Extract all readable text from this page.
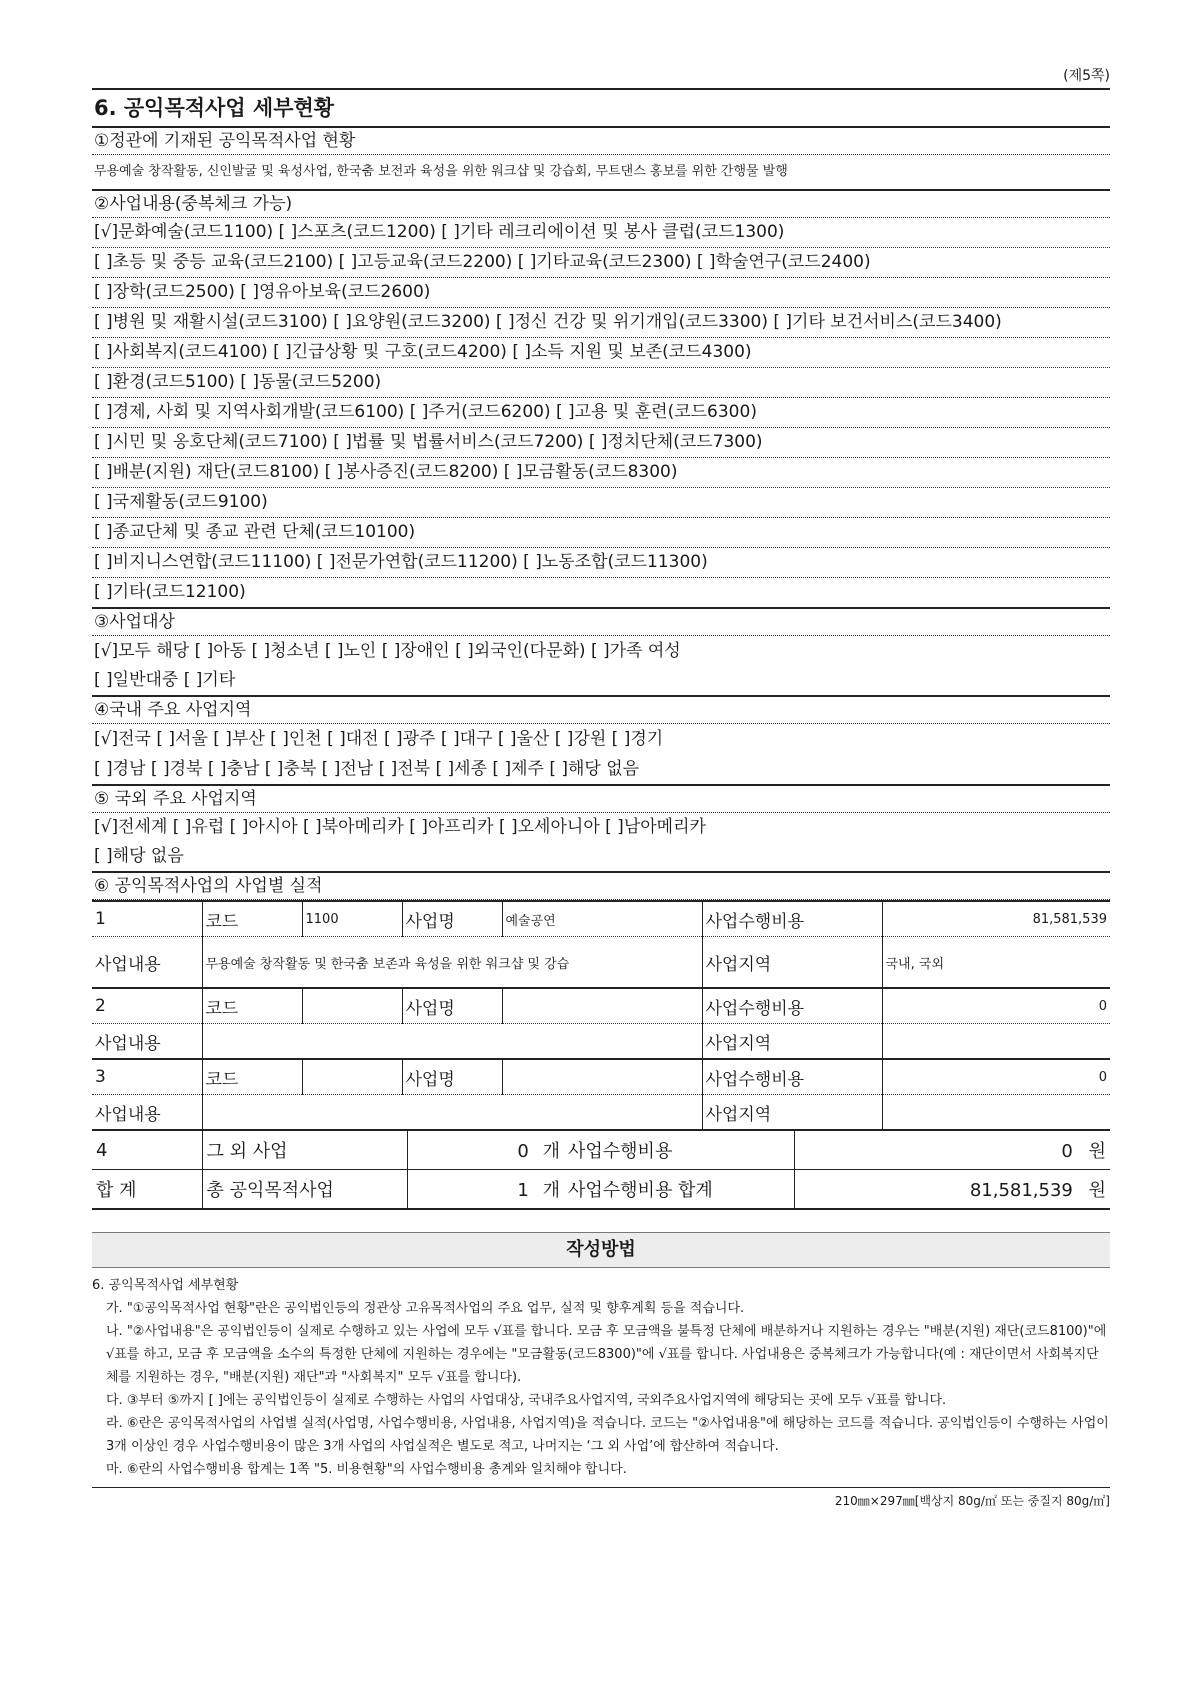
(제5쪽)
6. 공익목적사업 세부현황
①정관에 기재된 공익목적사업 현황
무용예술 창작활동, 신인발굴 및 육성사업, 한국춤 보전과 육성을 위한 워크샵 및 강습회, 무트댄스 홍보를 위한 간행물 발행
②사업내용(중복체크 가능)
[√]문화예술(코드1100) [ ]스포츠(코드1200) [ ]기타 레크리에이션 및 봉사 클럽(코드1300)
[ ]초등 및 중등 교육(코드2100) [ ]고등교육(코드2200) [ ]기타교육(코드2300) [ ]학술연구(코드2400)
[ ]장학(코드2500) [ ]영유아보육(코드2600)
[ ]병원 및 재활시설(코드3100) [ ]요양원(코드3200) [ ]정신 건강 및 위기개입(코드3300) [ ]기타 보건서비스(코드3400)
[ ]사회복지(코드4100) [ ]긴급상황 및 구호(코드4200) [ ]소득 지원 및 보존(코드4300)
[ ]환경(코드5100) [ ]동물(코드5200)
[ ]경제, 사회 및 지역사회개발(코드6100) [ ]주거(코드6200) [ ]고용 및 훈련(코드6300)
[ ]시민 및 옹호단체(코드7100) [ ]법률 및 법률서비스(코드7200) [ ]정치단체(코드7300)
[ ]배분(지원) 재단(코드8100) [ ]봉사증진(코드8200) [ ]모금활동(코드8300)
[ ]국제활동(코드9100)
[ ]종교단체 및 종교 관련 단체(코드10100)
[ ]비지니스연합(코드11100) [ ]전문가연합(코드11200) [ ]노동조합(코드11300)
[ ]기타(코드12100)
③사업대상
[√]모두 해당 [ ]아동 [ ]청소년 [ ]노인 [ ]장애인 [ ]외국인(다문화) [ ]가족 여성
[ ]일반대중 [ ]기타
④국내 주요 사업지역
[√]전국 [ ]서울 [ ]부산 [ ]인천 [ ]대전 [ ]광주 [ ]대구 [ ]울산 [ ]강원 [ ]경기
[ ]경남 [ ]경북 [ ]충남 [ ]충북 [ ]전남 [ ]전북 [ ]세종 [ ]제주 [ ]해당 없음
⑤ 국외 주요 사업지역
[√]전세계 [ ]유럽 [ ]아시아 [ ]북아메리카 [ ]아프리카 [ ]오세아니아 [ ]남아메리카
[ ]해당 없음
⑥ 공익목적사업의 사업별 실적
1	코드	1100	사업명	예술공연	사업수행비용	81,581,539
사업내용	무용예술 창작활동 및 한국춤 보존과 육성을 위한 워크샵 및 강습				사업지역	국내, 국외
2	코드		사업명		사업수행비용	0
사업내용					사업지역	
3	코드		사업명		사업수행비용	0
사업내용					사업지역	
4	그 외 사업	0 개	사업수행비용	0 원
합 계	총 공익목적사업	1 개	사업수행비용 합계	81,581,539 원
작성방법

6. 공익목적사업 세부현황

가. "①공익목적사업 현황"란은 공익법인등의 정관상 고유목적사업의 주요 업무, 실적 및 향후계획 등을 적습니다.

나. "②사업내용"은 공익법인등이 실제로 수행하고 있는 사업에 모두 √표를 합니다. 모금 후 모금액을 불특정 단체에 배분하거나 지원하는 경우는 "배분(지원) 재단(코드8100)"에 √표를 하고, 모금 후 모금액을 소수의 특정한 단체에 지원하는 경우에는 "모금활동(코드8300)"에 √표를 합니다. 사업내용은 중복체크가 가능합니다(예 : 재단이면서 사회복지단체를 지원하는 경우, "배분(지원) 재단"과 "사회복지" 모두 √표를 합니다).

다. ③부터 ⑤까지 [ ]에는 공익법인등이 실제로 수행하는 사업의 사업대상, 국내주요사업지역, 국외주요사업지역에 해당되는 곳에 모두 √표를 합니다.

라. ⑥란은 공익목적사업의 사업별 실적(사업명, 사업수행비용, 사업내용, 사업지역)을 적습니다. 코드는 "②사업내용"에 해당하는 코드를 적습니다. 공익법인등이 수행하는 사업이 3개 이상인 경우 사업수행비용이 많은 3개 사업의 사업실적은 별도로 적고, 나머지는 ‘그 외 사업’에 합산하여 적습니다.

마. ⑥란의 사업수행비용 합계는 1쪽 "5. 비용현황"의 사업수행비용 총계와 일치해야 합니다.

210㎜×297㎜[백상지 80g/㎡ 또는 중질지 80g/㎡]
